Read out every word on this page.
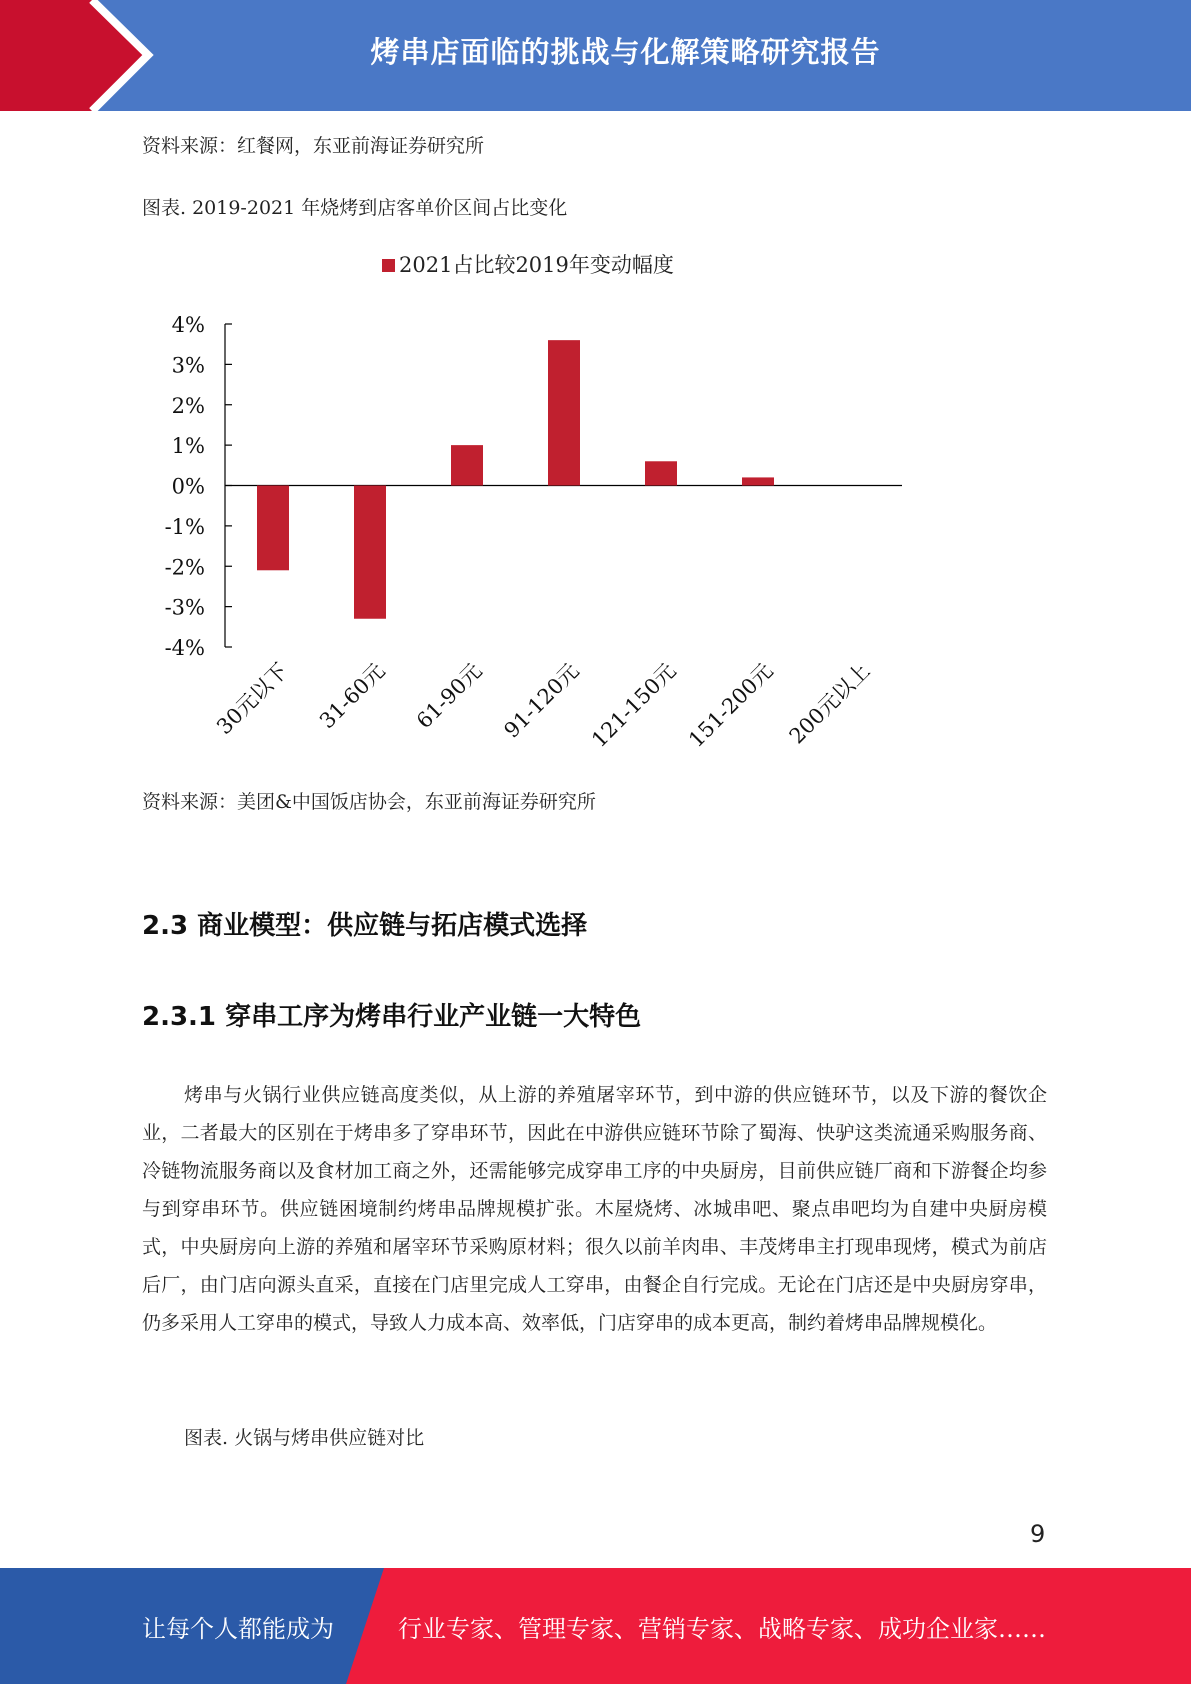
烤串店面临的挑战与化解策略研究报告
资料来源：红餐网，东亚前海证券研究所
图表. 2019-2021 年烧烤到店客单价区间占比变化
2021占比较2019年变动幅度
4%
3%
2%
1%
0%
-1%
-2%
-3%
-4%
30元以下 31-60元 61-90元 91-120元 121-150元 151-200元 200元以上
资料来源：美团&中国饭店协会，东亚前海证券研究所
2.3 商业模型：供应链与拓店模式选择
2.3.1 穿串工序为烤串行业产业链一大特色

烤串与火锅行业供应链高度类似，从上游的养殖屠宰环节，到中游的供应链环节，以及下游的餐饮企业，二者最大的区别在于烤串多了穿串环节，因此在中游供应链环节除了蜀海、快驴这类流通采购服务商、冷链物流服务商以及食材加工商之外，还需能够完成穿串工序的中央厨房，目前供应链厂商和下游餐企均参与到穿串环节。供应链困境制约烤串品牌规模扩张。木屋烧烤、冰城串吧、聚点串吧均为自建中央厨房模式，中央厨房向上游的养殖和屠宰环节采购原材料；很久以前羊肉串、丰茂烤串主打现串现烤，模式为前店后厂，由门店向源头直采，直接在门店里完成人工穿串，由餐企自行完成。无论在门店还是中央厨房穿串，仍多采用人工穿串的模式，导致人力成本高、效率低，门店穿串的成本更高，制约着烤串品牌规模化。

图表. 火锅与烤串供应链对比
9
让每个人都能成为	行业专家、管理专家、营销专家、战略专家、成功企业家……
